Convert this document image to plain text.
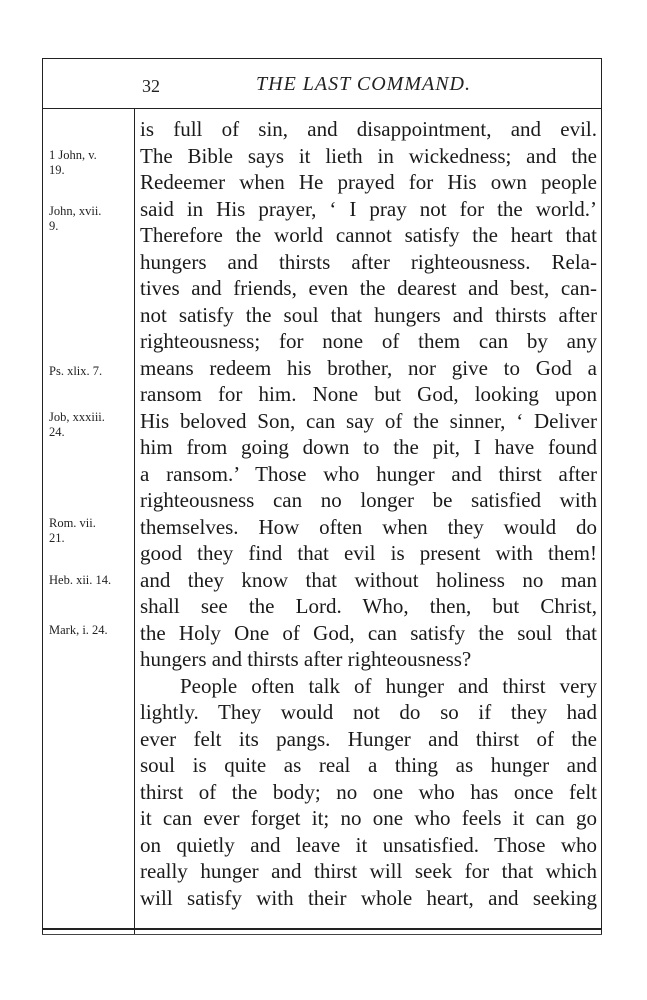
32	THE LAST COMMAND.
1 John, v.
19.
John, xvii.
9.
Ps. xlix. 7.
Job, xxxiii.
24.
Rom. vii.
21.
Heb. xii. 14.
Mark, i. 24.
is full of sin, and disappointment, and evil.
The Bible says it lieth in wickedness; and the
Redeemer when He prayed for His own people
said in His prayer, ‘ I pray not for the world.’
Therefore the world cannot satisfy the heart that
hungers and thirsts after righteousness. Rela-
tives and friends, even the dearest and best, can-
not satisfy the soul that hungers and thirsts after
righteousness; for none of them can by any
means redeem his brother, nor give to God a
ransom for him. None but God, looking upon
His beloved Son, can say of the sinner, ‘ Deliver
him from going down to the pit, I have found
a ransom.’ Those who hunger and thirst after
righteousness can no longer be satisfied with
themselves. How often when they would do
good they find that evil is present with them!
and they know that without holiness no man
shall see the Lord. Who, then, but Christ,
the Holy One of God, can satisfy the soul that
hungers and thirsts after righteousness?
People often talk of hunger and thirst very
lightly. They would not do so if they had
ever felt its pangs. Hunger and thirst of the
soul is quite as real a thing as hunger and
thirst of the body; no one who has once felt
it can ever forget it; no one who feels it can go
on quietly and leave it unsatisfied. Those who
really hunger and thirst will seek for that which
will satisfy with their whole heart, and seeking
